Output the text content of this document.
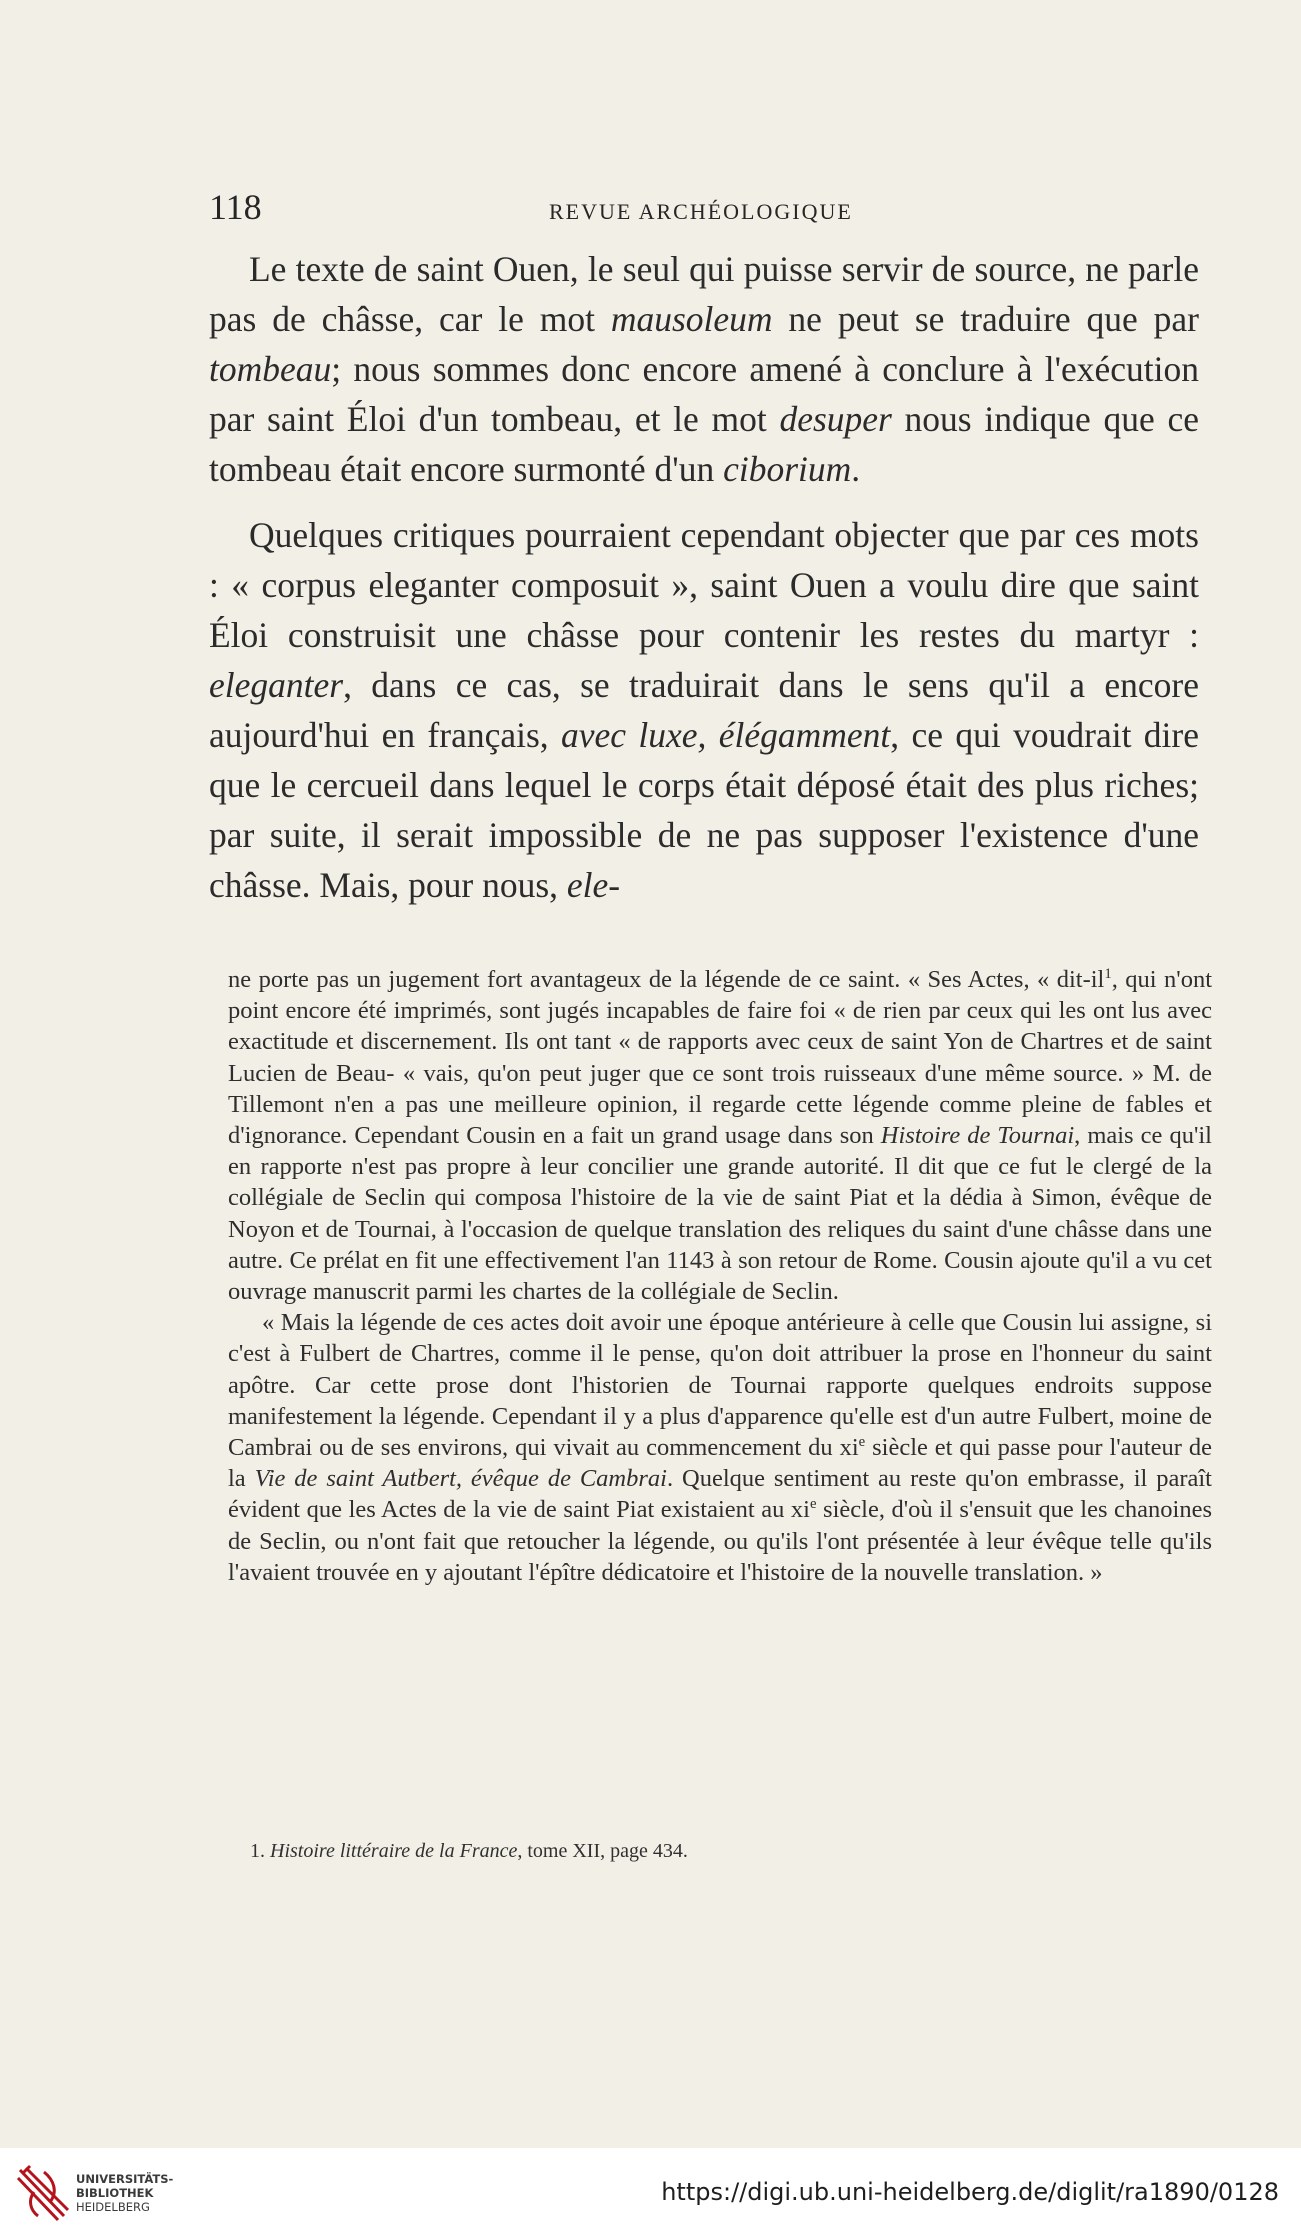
118	REVUE ARCHÉOLOGIQUE

Le texte de saint Ouen, le seul qui puisse servir de source, ne parle pas de châsse, car le mot mausoleum ne peut se traduire que par tombeau; nous sommes donc encore amené à conclure à l'exécution par saint Éloi d'un tombeau, et le mot desuper nous indique que ce tombeau était encore surmonté d'un ciborium.

Quelques critiques pourraient cependant objecter que par ces mots : « corpus eleganter composuit », saint Ouen a voulu dire que saint Éloi construisit une châsse pour contenir les restes du martyr : eleganter, dans ce cas, se traduirait dans le sens qu'il a encore aujourd'hui en français, avec luxe, élégamment, ce qui voudrait dire que le cercueil dans lequel le corps était déposé était des plus riches; par suite, il serait impossible de ne pas supposer l'existence d'une châsse. Mais, pour nous, ele-

ne porte pas un jugement fort avantageux de la légende de ce saint. « Ses Actes, « dit-$il^1$, qui n'ont point encore été imprimés, sont jugés incapables de faire foi « de rien par ceux qui les ont lus avec exactitude et discernement. Ils ont tant « de rapports avec ceux de saint Yon de Chartres et de saint Lucien de Beau- « vais, qu'on peut juger que ce sont trois ruisseaux d'une même source. » M. de Tillemont n'en a pas une meilleure opinion, il regarde cette légende comme pleine de fables et d'ignorance. Cependant Cousin en a fait un grand usage dans son Histoire de Tournai, mais ce qu'il en rapporte n'est pas propre à leur concilier une grande autorité. Il dit que ce fut le clergé de la collégiale de Seclin qui composa l'histoire de la vie de saint Piat et la dédia à Simon, évêque de Noyon et de Tournai, à l'occasion de quelque translation des reliques du saint d'une châsse dans une autre. Ce prélat en fit une effectivement l'an 1143 à son retour de Rome. Cousin ajoute qu'il a vu cet ouvrage manuscrit parmi les chartes de la collégiale de Seclin.

« Mais la légende de ces actes doit avoir une époque antérieure à celle que Cousin lui assigne, si c'est à Fulbert de Chartres, comme il le pense, qu'on doit attribuer la prose en l'honneur du saint apôtre. Car cette prose dont l'historien de Tournai rapporte quelques endroits suppose manifestement la légende. Cependant il y a plus d'apparence qu'elle est d'un autre Fulbert, moine de Cambrai ou de ses environs, qui vivait au commencement du $xi^e$ siècle et qui passe pour l'auteur de la Vie de saint Autbert, évêque de Cambrai. Quelque sentiment au reste qu'on embrasse, il paraît évident que les Actes de la vie de saint Piat existaient au $xi^e$ siècle, d'où il s'ensuit que les chanoines de Seclin, ou n'ont fait que retoucher la légende, ou qu'ils l'ont présentée à leur évêque telle qu'ils l'avaient trouvée en y ajoutant l'épître dédicatoire et l'histoire de la nouvelle translation. »

1. Histoire littéraire de la France, tome XII, page 434.
UNIVERSITÄTS-
BIBLIOTHEK
HEIDELBERG
https://digi.ub.uni-heidelberg.de/diglit/ra1890/0128
